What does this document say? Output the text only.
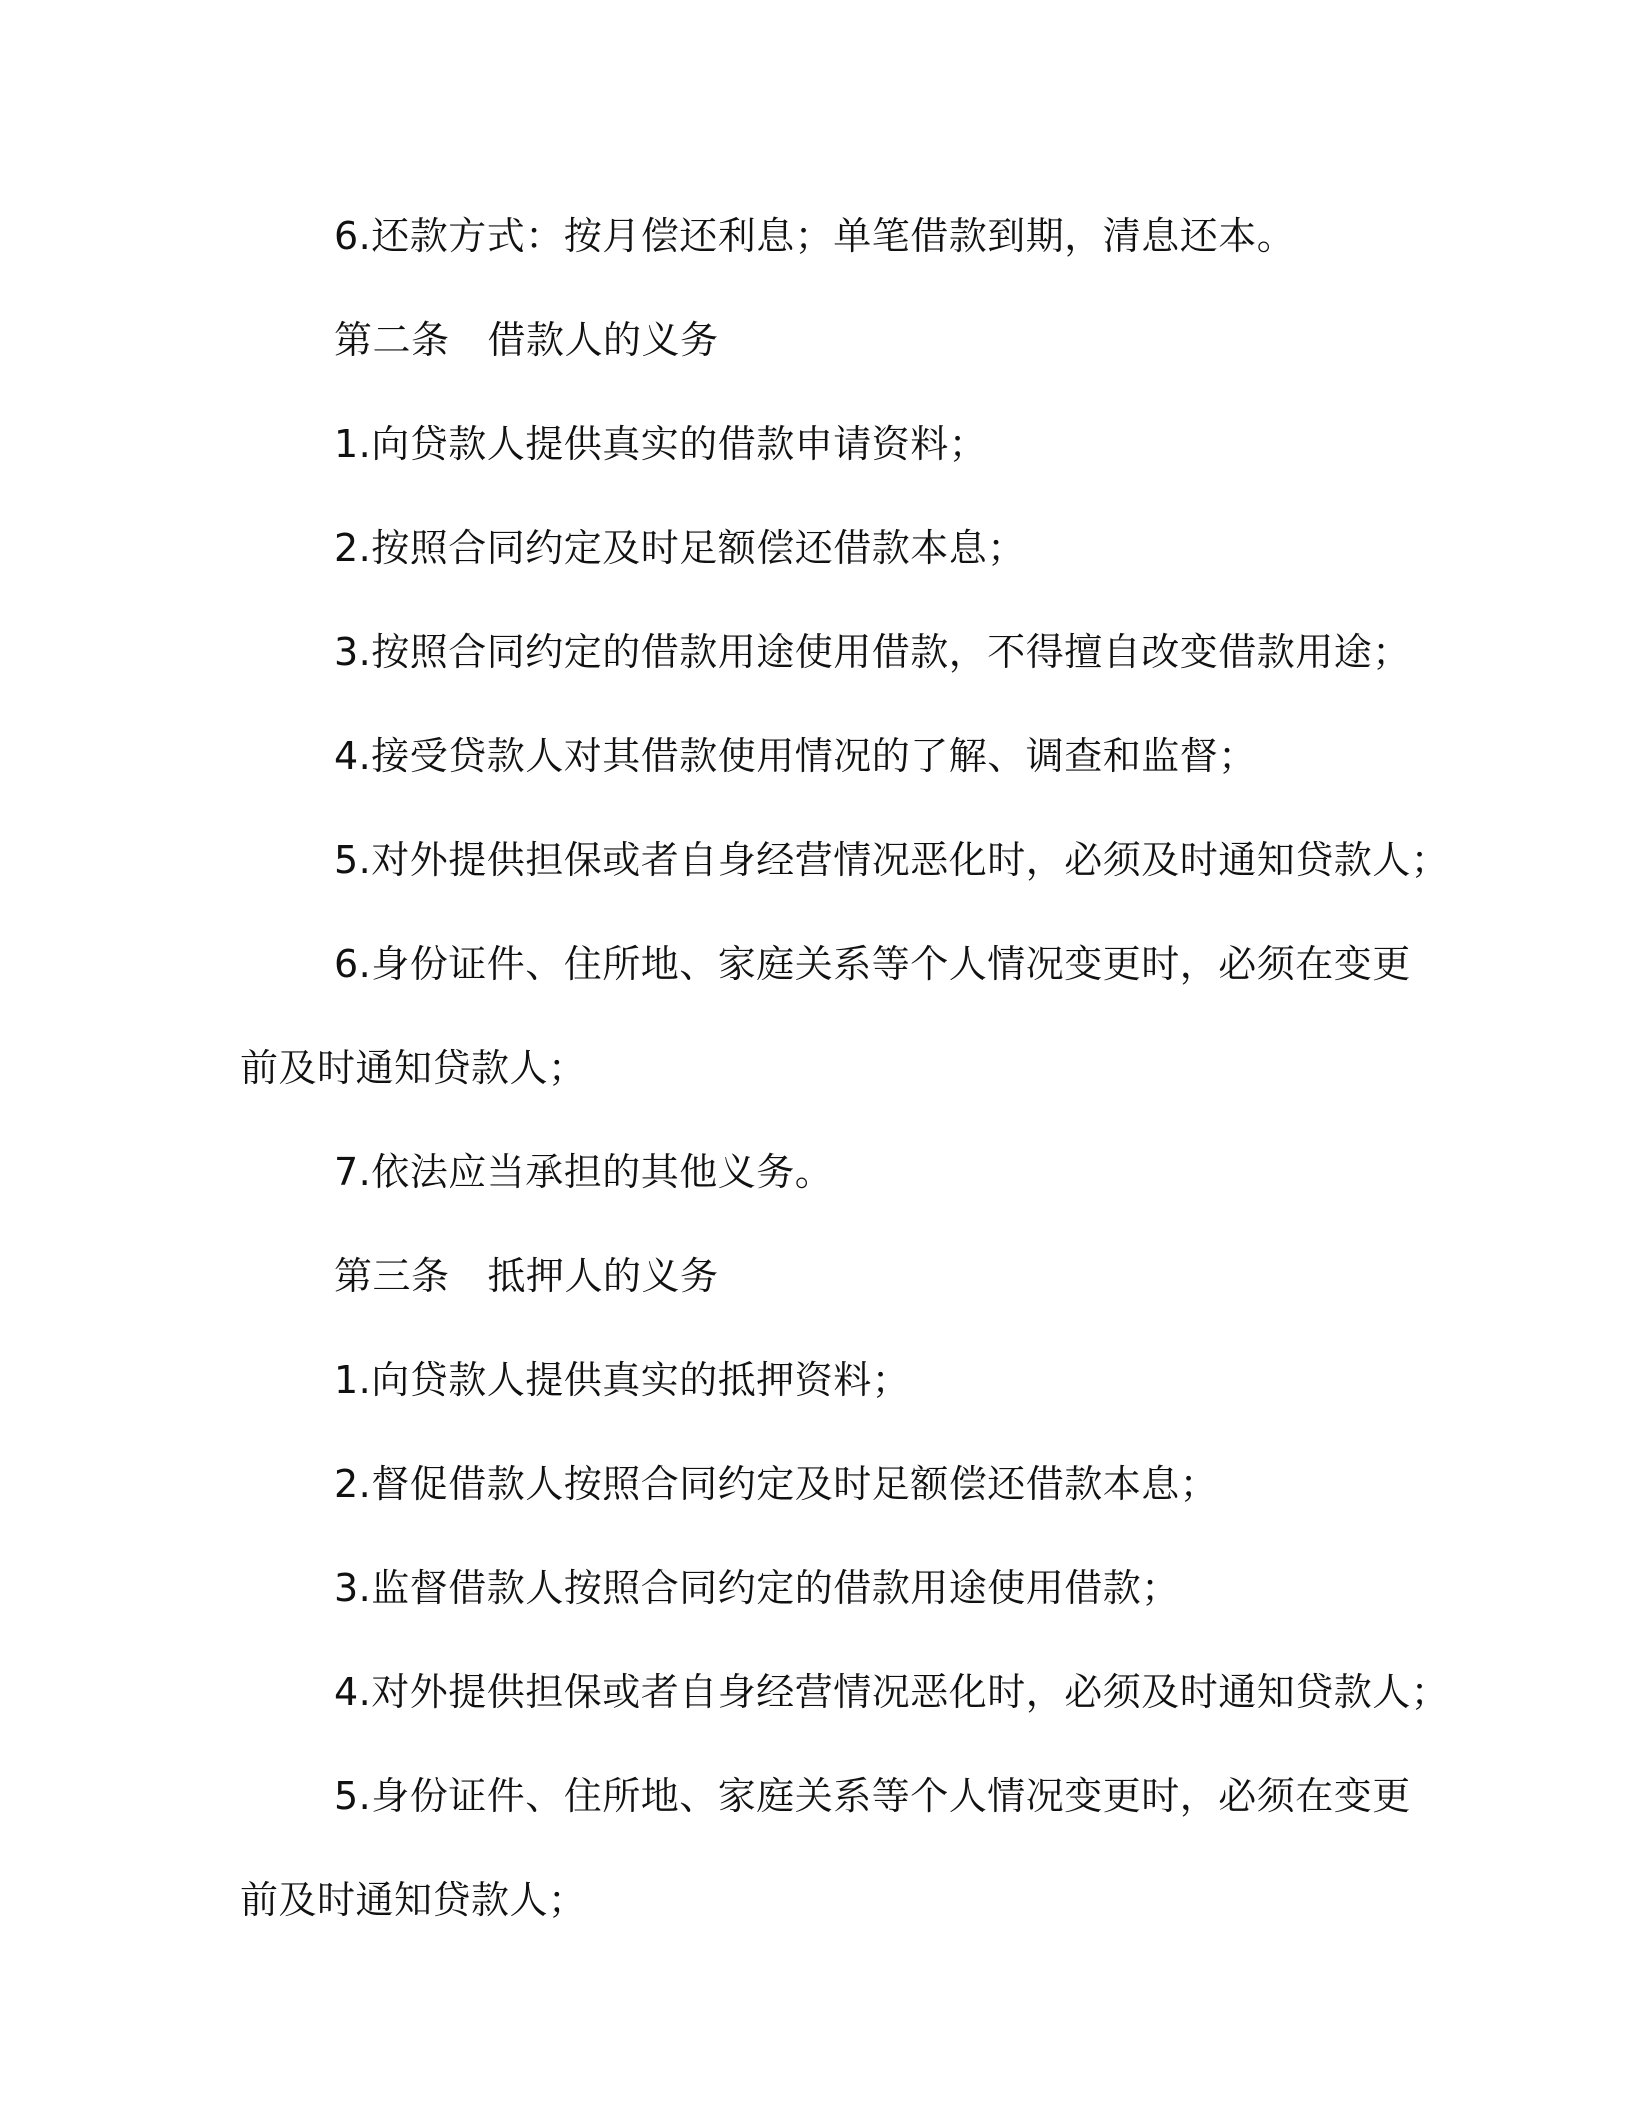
6.还款方式：按月偿还利息；单笔借款到期，清息还本。
第二条 借款人的义务
1.向贷款人提供真实的借款申请资料；
2.按照合同约定及时足额偿还借款本息；
3.按照合同约定的借款用途使用借款，不得擅自改变借款用途；
4.接受贷款人对其借款使用情况的了解、调查和监督；
5.对外提供担保或者自身经营情况恶化时，必须及时通知贷款人；
6.身份证件、住所地、家庭关系等个人情况变更时，必须在变更
前及时通知贷款人；
7.依法应当承担的其他义务。
第三条 抵押人的义务
1.向贷款人提供真实的抵押资料；
2.督促借款人按照合同约定及时足额偿还借款本息；
3.监督借款人按照合同约定的借款用途使用借款；
4.对外提供担保或者自身经营情况恶化时，必须及时通知贷款人；
5.身份证件、住所地、家庭关系等个人情况变更时，必须在变更
前及时通知贷款人；
